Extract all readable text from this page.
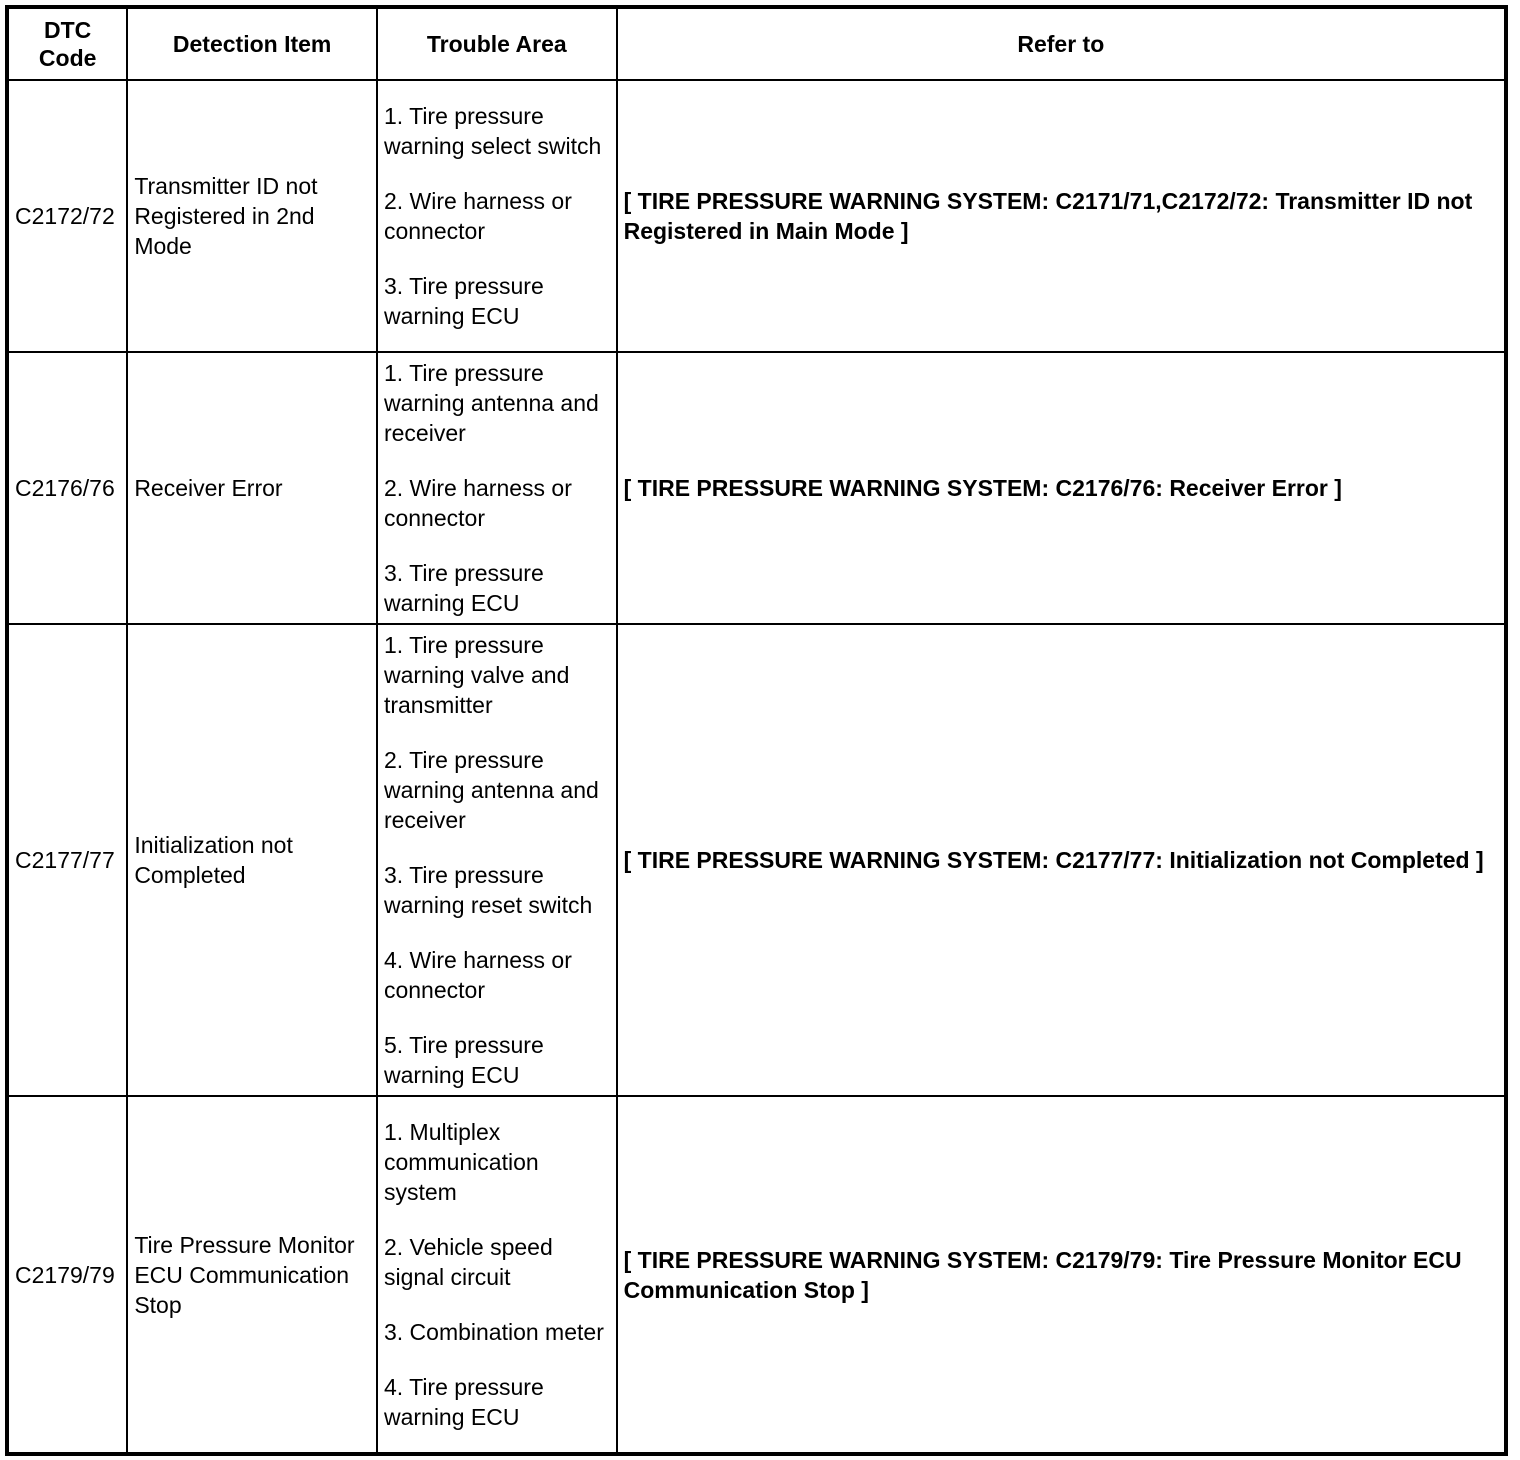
DTC Code	Detection Item	Trouble Area	Refer to
C2172/72	Transmitter ID not Registered in 2nd Mode	1. Tire pressure warning select switch
2. Wire harness or connector
3. Tire pressure warning ECU	[ TIRE PRESSURE WARNING SYSTEM: C2171/71,C2172/72: Transmitter ID not Registered in Main Mode ]
C2176/76	Receiver Error	1. Tire pressure warning antenna and receiver
2. Wire harness or connector
3. Tire pressure warning ECU	[ TIRE PRESSURE WARNING SYSTEM: C2176/76: Receiver Error ]
C2177/77	Initialization not Completed	1. Tire pressure warning valve and transmitter
2. Tire pressure warning antenna and receiver
3. Tire pressure warning reset switch
4. Wire harness or connector
5. Tire pressure warning ECU	[ TIRE PRESSURE WARNING SYSTEM: C2177/77: Initialization not Completed ]
C2179/79	Tire Pressure Monitor ECU Communication Stop	1. Multiplex communication system
2. Vehicle speed signal circuit
3. Combination meter
4. Tire pressure warning ECU	[ TIRE PRESSURE WARNING SYSTEM: C2179/79: Tire Pressure Monitor ECU Communication Stop ]
